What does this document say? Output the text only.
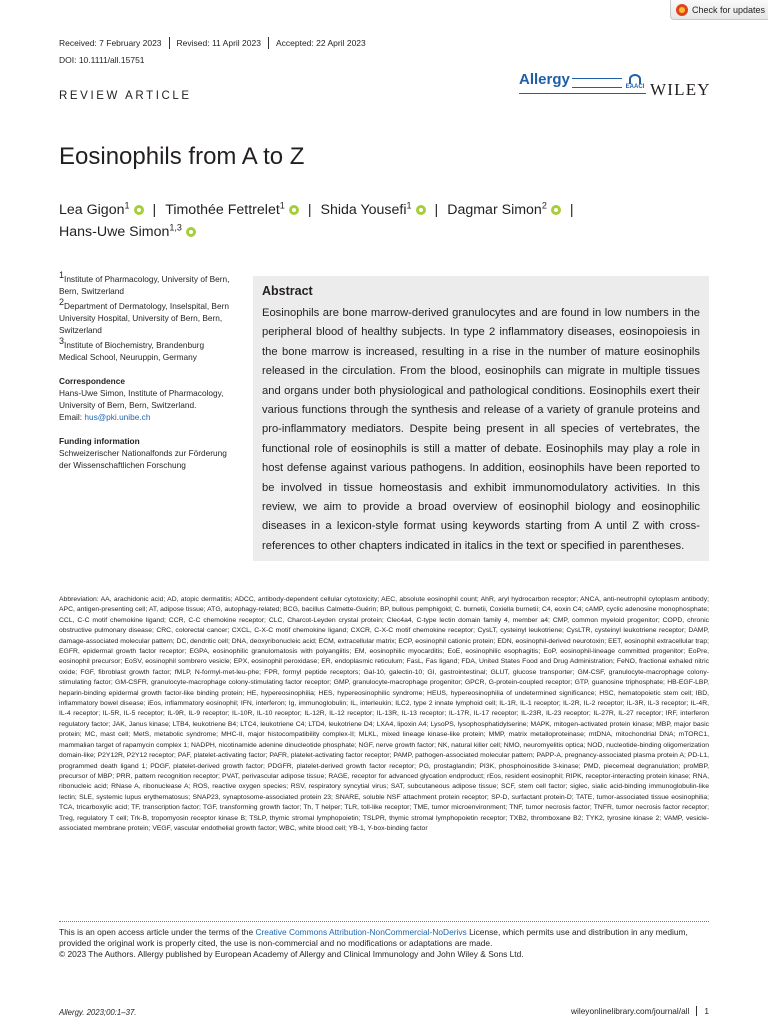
Check for updates
Received: 7 February 2023	Revised: 11 April 2023	Accepted: 22 April 2023
DOI: 10.1111/all.15751
REVIEW ARTICLE
Allergy	EAACI WILEY
Eosinophils from A to Z
Lea Gigon$^1$ | Timothée Fettrelet$^1$ | Shida Yousefi$^1$ | Dagmar Simon$^2$ |
Hans-Uwe Simon$^{1,3}$

$^1$Institute of Pharmacology, University of Bern, Bern, Switzerland

$^2$Department of Dermatology, Inselspital, Bern University Hospital, University of Bern, Bern, Switzerland

$^3$Institute of Biochemistry, Brandenburg Medical School, Neuruppin, Germany

Correspondence

Hans-Uwe Simon, Institute of Pharmacology, University of Bern, Bern, Switzerland.
Email: hus@pki.unibe.ch

Funding information

Schweizerischer Nationalfonds zur Förderung der Wissenschaftlichen Forschung

Abstract
Eosinophils are bone marrow-derived granulocytes and are found in low numbers in the peripheral blood of healthy subjects. In type 2 inflammatory diseases, eosinopoiesis in the bone marrow is increased, resulting in a rise in the number of mature eosinophils released in the circulation. From the blood, eosinophils can migrate in multiple tissues and organs under both physiological and pathological conditions. Eosinophils exert their various functions through the synthesis and release of a variety of granule proteins and pro-inflammatory mediators. Despite being present in all species of vertebrates, the functional role of eosinophils is still a matter of debate. Eosinophils may play a role in host defense against various pathogens. In addition, eosinophils have been reported to be involved in tissue homeostasis and exhibit immunomodulatory activities. In this review, we aim to provide a broad overview of eosinophil biology and eosinophilic diseases in a lexicon-style format using keywords starting from A until Z with cross-references to other chapters indicated in italics in the text or specified in parentheses.
Abbreviation: AA, arachidonic acid; AD, atopic dermatitis; ADCC, antibody-dependent cellular cytotoxicity; AEC, absolute eosinophil count; AhR, aryl hydrocarbon receptor; ANCA, anti-neutrophil cytoplasm antibody; APC, antigen-presenting cell; AT, adipose tissue; ATG, autophagy-related; BCG, bacillus Calmette-Guérin; BP, bullous pemphigoid; C. burnetii, Coxiella burnetii; C4, eoxin C4; cAMP, cyclic adenosine monophosphate; CCL, C-C motif chemokine ligand; CCR, C-C chemokine receptor; CLC, Charcot-Leyden crystal protein; Clec4a4, C-type lectin domain family 4, member a4; CMP, common myeloid progenitor; COPD, chronic obstructive pulmonary disease; CRC, colorectal cancer; CXCL, C-X-C motif chemokine ligand; CXCR, C-X-C motif chemokine receptor; CysLT, cysteinyl leukotriene; CysLTR, cysteinyl leukotriene receptor; DAMP, damage-associated molecular pattern; DC, dendritic cell; DNA, deoxyribonucleic acid; ECM, extracellular matrix; ECP, eosinophil cationic protein; EDN, eosinophil-derived neurotoxin; EET, eosinophil extracellular trap; EGFR, epidermal growth factor receptor; EGPA, eosinophilic granulomatosis with polyangiitis; EM, eosinophilic myocarditis; EoE, eosinophilic esophagitis; EoP, eosinophil-lineage committed progenitor; EoPre, eosinophil precursor; EoSV, eosinophil sombrero vesicle; EPX, eosinophil peroxidase; ER, endoplasmic reticulum; FasL, Fas ligand; FDA, United States Food and Drug Administration; FeNO, fractional exhaled nitric oxide; FGF, fibroblast growth factor; fMLP, N-formyl-met-leu-phe; FPR, formyl peptide receptors; Gal-10, galectin-10; GI, gastrointestinal; GLUT, glucose transporter; GM-CSF, granulocyte-macrophage colony-stimulating factor; GM-CSFR, granulocyte-macrophage colony-stimulating factor receptor; GMP, granulocyte-macrophage progenitor; GPCR, G-protein-coupled receptor; GTP, guanosine triphosphate; HB-EGF-LBP, heparin-binding epidermal growth factor-like binding protein; HE, hypereosinophilia; HES, hypereosinophilic syndrome; HEUS, hypereosinophilia of undetermined significance; HSC, hematopoietic stem cell; IBD, inflammatory bowel disease; iEos, inflammatory eosinophil; IFN, interferon; Ig, immunoglobulin; IL, interleukin; ILC2, type 2 innate lymphoid cell; IL-1R, IL-1 receptor; IL-2R, IL-2 receptor; IL-3R, IL-3 receptor; IL-4R, IL-4 receptor; IL-5R, IL-5 receptor; IL-9R, IL-9 receptor; IL-10R, IL-10 receptor; IL-12R, IL-12 receptor; IL-13R, IL-13 receptor; IL-17R, IL-17 receptor; IL-23R, IL-23 receptor; IL-27R, IL-27 receptor; IRF, interferon regulatory factor; JAK, Janus kinase; LTB4, leukotriene B4; LTC4, leukotriene C4; LTD4, leukotriene D4; LXA4, lipoxin A4; LysoPS, lysophosphatidylserine; MAPK, mitogen-activated protein kinase; MBP, major basic protein; MC, mast cell; MetS, metabolic syndrome; MHC-II, major histocompatibility complex-II; MLKL, mixed lineage kinase-like protein; MMP, matrix metalloproteinase; mtDNA, mitochondrial DNA; mTORC1, mammalian target of rapamycin complex 1; NADPH, nicotinamide adenine dinucleotide phosphate; NGF, nerve growth factor; NK, natural killer cell; NMO, neuromyelitis optica; NOD, nucleotide-binding oligomerization domain-like; P2Y12R, P2Y12 receptor; PAF, platelet-activating factor; PAFR, platelet-activating factor receptor; PAMP, pathogen-associated molecular pattern; PAPP-A, pregnancy-associated plasma protein A; PD-L1, programmed death ligand 1; PDGF, platelet-derived growth factor; PDGFR, platelet-derived growth factor receptor; PG, prostaglandin; PI3K, phosphoinositide 3-kinase; PMD, piecemeal degranulation; proMBP, precursor of MBP; PRR, pattern recognition receptor; PVAT, perivascular adipose tissue; RAGE, receptor for advanced glycation endproduct; rEos, resident eosinophil; RIPK, receptor-interacting protein kinase; RNA, ribonucleic acid; RNase A, ribonuclease A; ROS, reactive oxygen species; RSV, respiratory syncytial virus; SAT, subcutaneous adipose tissue; SCF, stem cell factor; siglec, sialic acid-binding immunoglobulin-like lectin; SLE, systemic lupus erythematosus; SNAP23, synaptosome-associated protein 23; SNARE, soluble NSF attachment protein receptor; SP-D, surfactant protein-D; TATE, tumor-associated tissue eosinophilia; TCA, tricarboxylic acid; TF, transcription factor; TGF, transforming growth factor; Th, T helper; TLR, toll-like receptor; TME, tumor microenvironment; TNF, tumor necrosis factor; TNFR, tumor necrosis factor receptor; Treg, regulatory T cell; Trk-B, tropomyosin receptor kinase B; TSLP, thymic stromal lymphopoietin; TSLPR, thymic stromal lymphopoietin receptor; TXB2, thromboxane B2; TYK2, tyrosine kinase 2; VAMP, vesicle-associated membrane protein; VEGF, vascular endothelial growth factor; WBC, white blood cell; YB-1, Y-box-binding factor
This is an open access article under the terms of the Creative Commons Attribution-NonCommercial-NoDerivs License, which permits use and distribution in any medium, provided the original work is properly cited, the use is non-commercial and no modifications or adaptations are made.
© 2023 The Authors. Allergy published by European Academy of Allergy and Clinical Immunology and John Wiley & Sons Ltd.
Allergy. 2023;00:1–37.	wileyonlinelibrary.com/journal/all	1
